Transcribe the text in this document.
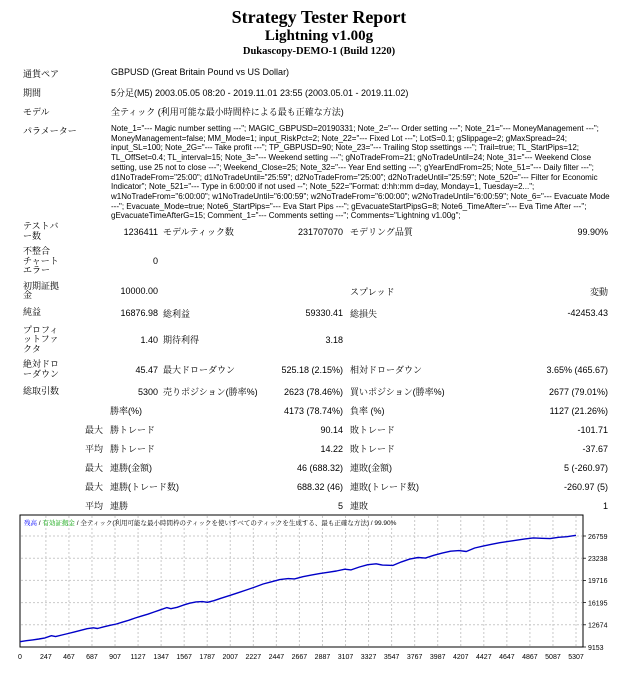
Strategy Tester Report
Lightning v1.00g
Dukascopy-DEMO-1 (Build 1220)
通貨ペア	GBPUSD (Great Britain Pound vs US Dollar)
期間	5分足(M5) 2003.05.05 08:20 - 2019.11.01 23:55 (2003.05.01 - 2019.11.02)
モデル	全ティック (利用可能な最小時間枠による最も正確な方法)
パラメーター	Note_1="--- Magic number setting ---"; MAGIC_GBPUSD=20190331; Note_2="--- Order setting ---"; Note_21="--- MoneyManagement ---"; MoneyManagement=false; MM_Mode=1; input_RiskPct=2; Note_22="--- Fixed Lot ---"; LotS=0.1; gSlippage=2; gMaxSpread=24; input_SL=100; Note_2G="--- Take profit ---"; TP_GBPUSD=90; Note_23="--- Trailing Stop ssettings ---"; Trail=true; TL_StartPips=12; TL_OffSet=0.4; TL_interval=15; Note_3="--- Weekend setting ---"; gNoTradeFrom=21; gNoTradeUntil=24; Note_31="--- Weekend Close setting, use 25 not to close ---"; Weekend_Close=25; Note_32="--- Year End setting ---"; gYearEndFrom=25; Note_51="--- Daily filter ---"; d1NoTradeFrom="25:00"; d1NoTradeUntil="25:59"; d2NoTradeFrom="25:00"; d2NoTradeUntil="25:59"; Note_520="--- Filter for Economic Indicator"; Note_521="--- Type in 6:00:00 if not used --"; Note_522="Format: d:hh:mm d=day, Monday=1, Tuesday=2..."; w1NoTradeFrom="6:00:00"; w1NoTradeUntil="6:00:59"; w2NoTradeFrom="6:00:00"; w2NoTradeUntil="6:00:59"; Note_6="--- Evacuate Mode ---"; Evacuate_Mode=true; Note6_StartPips="--- Eva Start Pips ---"; gEvacuateStartPipsG=8; Note6_TimeAfter="--- Eva Time After ---"; gEvacuateTimeAfterG=15; Comment_1="--- Comments setting ---"; Comments="Lightning v1.00g";
テストバー数	1236411	モデルティック数	231707070	モデリング品質	99.90%

不整合チャートエラー	0				

初期証拠金	10000.00			スプレッド	変動

純益	16876.98	総利益	59330.41	総損失	-42453.43

プロフィットファクタ	1.40	期待利得	3.18		

絶対ドローダウン	45.47	最大ドローダウン	525.18 (2.15%)	相対ドローダウン	3.65% (465.67)

総取引数	5300	売りポジション(勝率%)	2623 (78.46%)	買いポジション(勝率%)	2677 (79.01%)
	勝率(%)		4173 (78.74%)	負率 (%)	1127 (21.26%)
最大	勝トレード		90.14	敗トレード	-101.71
平均	勝トレード		14.22	敗トレード	-37.67
最大	連勝(金額)		46 (688.32)	連敗(金額)	5 (-260.97)
最大	連勝(トレード数)		688.32 (46)	連敗(トレード数)	-260.97 (5)
平均	連勝		5	連敗	1
9153
12674
16195
19716
23238
26759
0	247 467 687 907 1127 1347 1567 1787 2007 2227 2447 2667 2887 3107 3327 3547 3767 3987 4207 4427 4647 4867 5087 5307
残高 / 有効証拠金 / 全ティック(利用可能な最小時間枠のティックを使いすべてのティックを生成する、最も正確な方法) / 99.90%
